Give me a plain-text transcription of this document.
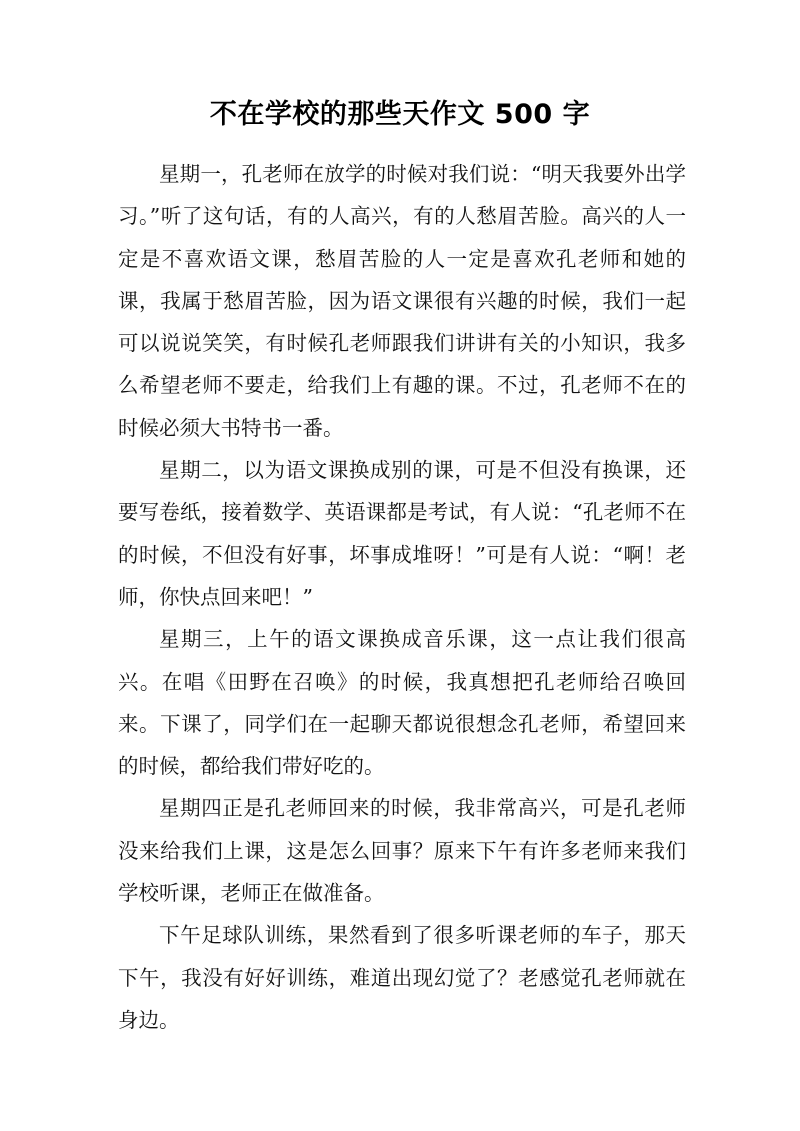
不在学校的那些天作文 500 字

星期一，孔老师在放学的时候对我们说：“明天我要外出学习。”听了这句话，有的人高兴，有的人愁眉苦脸。高兴的人一定是不喜欢语文课，愁眉苦脸的人一定是喜欢孔老师和她的课，我属于愁眉苦脸，因为语文课很有兴趣的时候，我们一起可以说说笑笑，有时候孔老师跟我们讲讲有关的小知识，我多么希望老师不要走，给我们上有趣的课。不过，孔老师不在的时候必须大书特书一番。

星期二，以为语文课换成别的课，可是不但没有换课，还要写卷纸，接着数学、英语课都是考试，有人说：“孔老师不在的时候，不但没有好事，坏事成堆呀！”可是有人说：“啊！老师，你快点回来吧！”

星期三，上午的语文课换成音乐课，这一点让我们很高兴。在唱《田野在召唤》的时候，我真想把孔老师给召唤回来。下课了，同学们在一起聊天都说很想念孔老师，希望回来的时候，都给我们带好吃的。

星期四正是孔老师回来的时候，我非常高兴，可是孔老师没来给我们上课，这是怎么回事？原来下午有许多老师来我们学校听课，老师正在做准备。

下午足球队训练，果然看到了很多听课老师的车子，那天下午，我没有好好训练，难道出现幻觉了？老感觉孔老师就在身边。
